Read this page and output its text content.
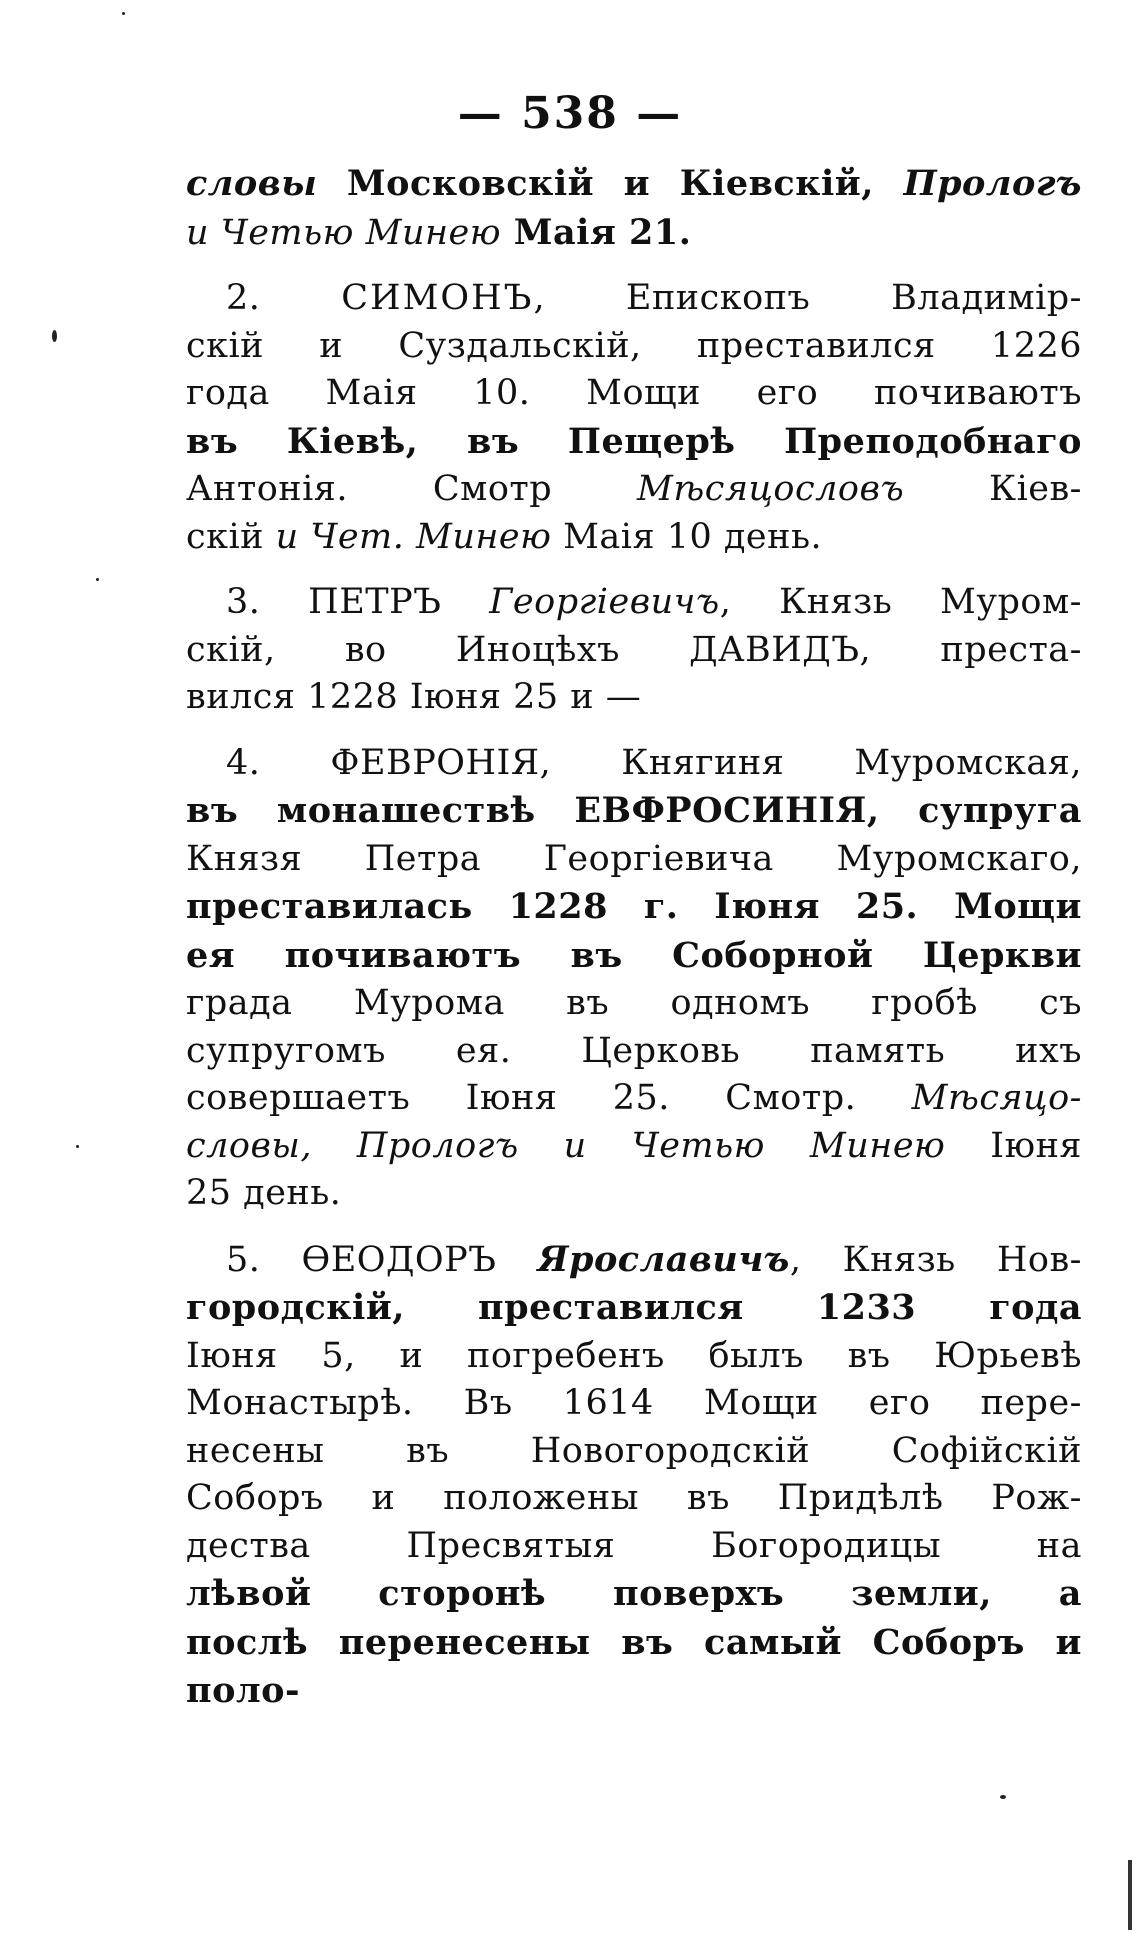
— 538 —

словы Московскій и Кіевскій, Прологъ
и Четью Минею Маія 21.

2. СИМОНЪ, Епископъ Владимір-
скій и Суздальскій, преставился 1226
года Маія 10. Мощи его почиваютъ
въ Кіевѣ, въ Пещерѣ Преподобнаго
Антонія. Смотр Мѣсяцословъ Кіев-
скій и Чет. Минею Маія 10 день.

3. ПЕТРЪ Георгіевичъ, Князь Муром-
скій, во Иноцѣхъ ДАВИДЪ, преста-
вился 1228 Іюня 25 и —

4. ФЕВРОНІЯ, Княгиня Муромская,
въ монашествѣ ЕВФРОСИНІЯ, супруга
Князя Петра Георгіевича Муромскаго,
преставилась 1228 г. Іюня 25. Мощи
ея почиваютъ въ Соборной Церкви
града Мурома въ одномъ гробѣ съ
супругомъ ея. Церковь память ихъ
совершаетъ Іюня 25. Смотр. Мѣсяцо-
словы, Прологъ и Четью Минею Іюня
25 день.

5. ѲЕОДОРЪ Ярославичъ, Князь Нов-
городскій, преставился 1233 года
Іюня 5, и погребенъ былъ въ Юрьевѣ
Монастырѣ. Въ 1614 Мощи его пере-
несены въ Новогородскій Софійскій
Соборъ и положены въ Придѣлѣ Рож-
дества Пресвятыя Богородицы на
лѣвой сторонѣ поверхъ земли, а
послѣ перенесены въ самый Соборъ и поло-
